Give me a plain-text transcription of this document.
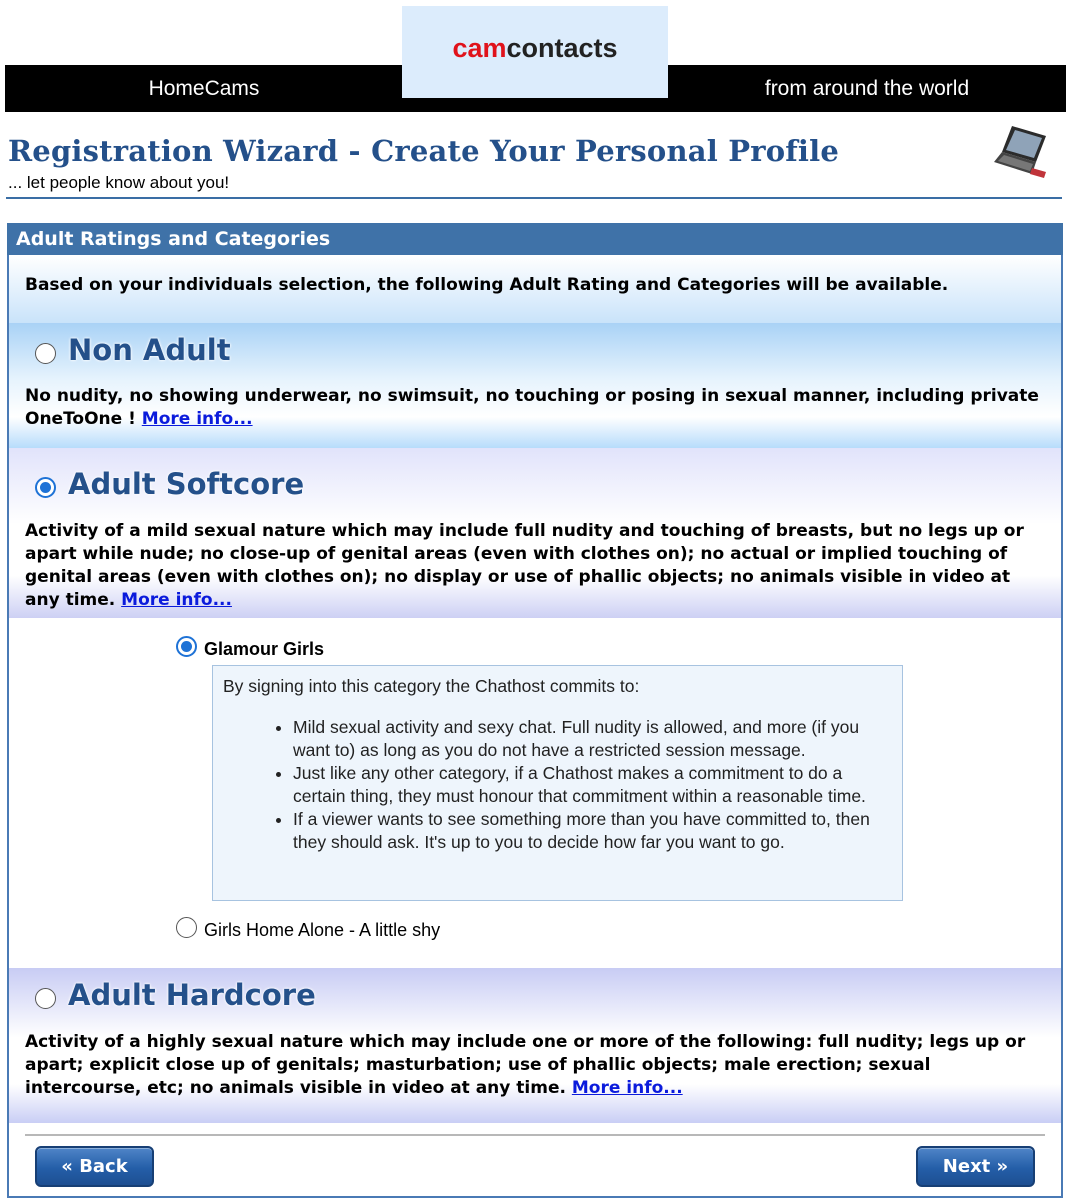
HomeCams	from around the world
cam contacts
Registration Wizard - Create Your Personal Profile
... let people know about you!
Adult Ratings and Categories
Based on your individuals selection, the following Adult Rating and Categories will be available.
Non Adult
No nudity, no showing underwear, no swimsuit, no touching or posing in sexual manner, including private OneToOne ! More info...
Adult Softcore
Activity of a mild sexual nature which may include full nudity and touching of breasts, but no legs up or apart while nude; no close-up of genital areas (even with clothes on); no actual or implied touching of genital areas (even with clothes on); no display or use of phallic objects; no animals visible in video at any time. More info...
Glamour Girls
By signing into this category the Chathost commits to:
• Mild sexual activity and sexy chat. Full nudity is allowed, and more (if you want to) as long as you do not have a restricted session message.
• Just like any other category, if a Chathost makes a commitment to do a certain thing, they must honour that commitment within a reasonable time.
• If a viewer wants to see something more than you have committed to, then they should ask. It's up to you to decide how far you want to go.
Girls Home Alone - A little shy
Adult Hardcore
Activity of a highly sexual nature which may include one or more of the following: full nudity; legs up or apart; explicit close up of genitals; masturbation; use of phallic objects; male erection; sexual intercourse, etc; no animals visible in video at any time. More info...
« Back	Next »
